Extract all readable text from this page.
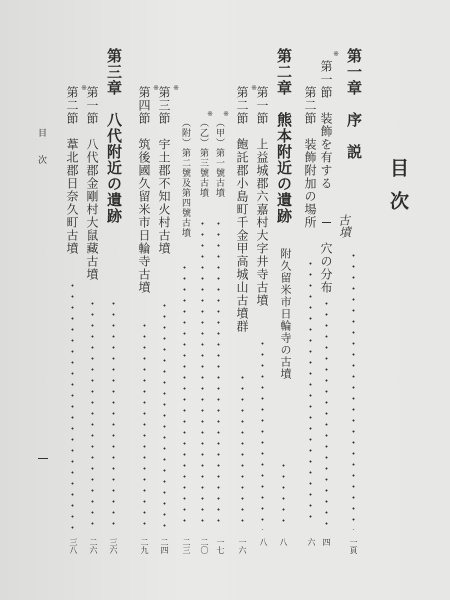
目次
第一章　序　説
一頁
※
第一節　装飾を有する
古墳
穴の分布
四
第二節　装飾附加の場所
六
第二章　熊本附近の遺跡
附久留米市日輪寺の古墳
八
第一節　上益城郡六嘉村大字井寺古墳
八
※
第二節　飽託郡小島町千金甲高城山古墳群
一六
※
（甲）第一號古墳
一七
※
（乙）第三號古墳
二〇
（附）第二號及第四號古墳
二三
※
第三節　宇土郡不知火村古墳
二四
※
第四節　筑後國久留米市日輪寺古墳
二九
第三章　八代附近の遺跡
三六
第一節　八代郡金剛村大鼠藏古墳
二六
※
第二節　葦北郡日奈久町古墳
三八
目次
